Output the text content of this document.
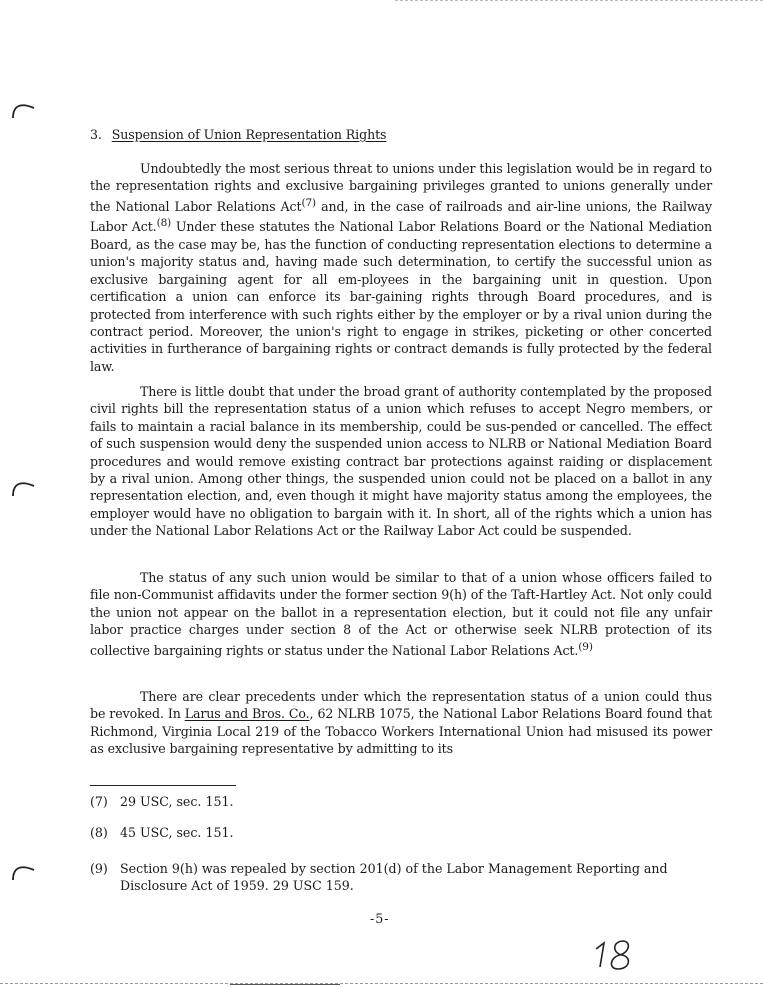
3. Suspension of Union Representation Rights
Undoubtedly the most serious threat to unions under this legislation would be in regard to the representation rights and exclusive bargaining privileges granted to unions generally under the National Labor Relations Act$^{(7)}$ and, in the case of railroads and air-line unions, the Railway Labor Act.$^{(8)}$ Under these statutes the National Labor Relations Board or the National Mediation Board, as the case may be, has the function of conducting representation elections to determine a union's majority status and, having made such determination, to certify the successful union as exclusive bargaining agent for all em-ployees in the bargaining unit in question. Upon certification a union can enforce its bar-gaining rights through Board procedures, and is protected from interference with such rights either by the employer or by a rival union during the contract period. Moreover, the union's right to engage in strikes, picketing or other concerted activities in furtherance of bargaining rights or contract demands is fully protected by the federal law.
There is little doubt that under the broad grant of authority contemplated by the proposed civil rights bill the representation status of a union which refuses to accept Negro members, or fails to maintain a racial balance in its membership, could be sus-pended or cancelled. The effect of such suspension would deny the suspended union access to NLRB or National Mediation Board procedures and would remove existing contract bar protections against raiding or displacement by a rival union. Among other things, the suspended union could not be placed on a ballot in any representation election, and, even though it might have majority status among the employees, the employer would have no obligation to bargain with it. In short, all of the rights which a union has under the National Labor Relations Act or the Railway Labor Act could be suspended.
The status of any such union would be similar to that of a union whose officers failed to file non-Communist affidavits under the former section 9(h) of the Taft-Hartley Act. Not only could the union not appear on the ballot in a representation election, but it could not file any unfair labor practice charges under section 8 of the Act or otherwise seek NLRB protection of its collective bargaining rights or status under the National Labor Relations Act.$^{(9)}$
There are clear precedents under which the representation status of a union could thus be revoked. In Larus and Bros. Co., 62 NLRB 1075, the National Labor Relations Board found that Richmond, Virginia Local 219 of the Tobacco Workers International Union had misused its power as exclusive bargaining representative by admitting to its
(7) 29 USC, sec. 151.
(8) 45 USC, sec. 151.
(9) Section 9(h) was repealed by section 201(d) of the Labor Management Reporting and Disclosure Act of 1959. 29 USC 159.
-5-
18
